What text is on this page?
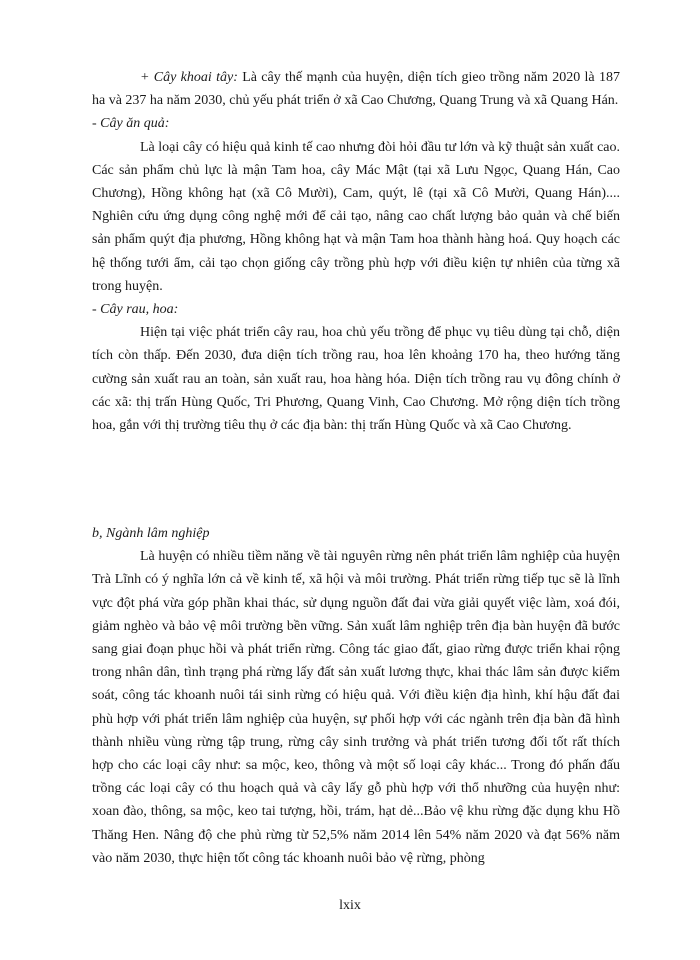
+ Cây khoai tây: Là cây thế mạnh của huyện, diện tích gieo trồng năm 2020 là 187 ha và 237 ha năm 2030, chủ yếu phát triển ở xã Cao Chương, Quang Trung và xã Quang Hán.

- Cây ăn quả:

Là loại cây có hiệu quả kinh tế cao nhưng đòi hỏi đầu tư lớn và kỹ thuật sản xuất cao. Các sản phẩm chủ lực là mận Tam hoa, cây Mác Mật (tại xã Lưu Ngọc, Quang Hán, Cao Chương), Hồng không hạt (xã Cô Mười), Cam, quýt, lê (tại xã Cô Mười, Quang Hán).... Nghiên cứu ứng dụng công nghệ mới để cải tạo, nâng cao chất lượng bảo quản và chế biến sản phẩm quýt địa phương, Hồng không hạt và mận Tam hoa thành hàng hoá. Quy hoạch các hệ thống tưới ẩm, cải tạo chọn giống cây trồng phù hợp với điều kiện tự nhiên của từng xã trong huyện.

- Cây rau, hoa:

Hiện tại việc phát triển cây rau, hoa chủ yếu trồng để phục vụ tiêu dùng tại chỗ, diện tích còn thấp. Đến 2030, đưa diện tích trồng rau, hoa lên khoảng 170 ha, theo hướng tăng cường sản xuất rau an toàn, sản xuất rau, hoa hàng hóa. Diện tích trồng rau vụ đông chính ở các xã: thị trấn Hùng Quốc, Tri Phương, Quang Vinh, Cao Chương. Mở rộng diện tích trồng hoa, gắn với thị trường tiêu thụ ở các địa bàn: thị trấn Hùng Quốc và xã Cao Chương.

b, Ngành lâm nghiệp

Là huyện có nhiều tiềm năng về tài nguyên rừng nên phát triển lâm nghiệp của huyện Trà Lĩnh có ý nghĩa lớn cả về kinh tế, xã hội và môi trường. Phát triển rừng tiếp tục sẽ là lĩnh vực đột phá vừa góp phần khai thác, sử dụng nguồn đất đai vừa giải quyết việc làm, xoá đói, giảm nghèo và bảo vệ môi trường bền vững. Sản xuất lâm nghiệp trên địa bàn huyện đã bước sang giai đoạn phục hồi và phát triển rừng. Công tác giao đất, giao rừng được triển khai rộng trong nhân dân, tình trạng phá rừng lấy đất sản xuất lương thực, khai thác lâm sản được kiểm soát, công tác khoanh nuôi tái sinh rừng có hiệu quả. Với điều kiện địa hình, khí hậu đất đai phù hợp với phát triển lâm nghiệp của huyện, sự phối hợp với các ngành trên địa bàn đã hình thành nhiều vùng rừng tập trung, rừng cây sinh trưởng và phát triển tương đối tốt rất thích hợp cho các loại cây như: sa mộc, keo, thông và một số loại cây khác... Trong đó phấn đấu trồng các loại cây có thu hoạch quả và cây lấy gỗ phù hợp với thổ nhưỡng của huyện như: xoan đào, thông, sa mộc, keo tai tượng, hồi, trám, hạt dẻ...Bảo vệ khu rừng đặc dụng khu Hồ Thăng Hen. Nâng độ che phủ rừng từ 52,5% năm 2014 lên 54% năm 2020 và đạt 56% năm vào năm 2030, thực hiện tốt công tác khoanh nuôi bảo vệ rừng, phòng

lxix
